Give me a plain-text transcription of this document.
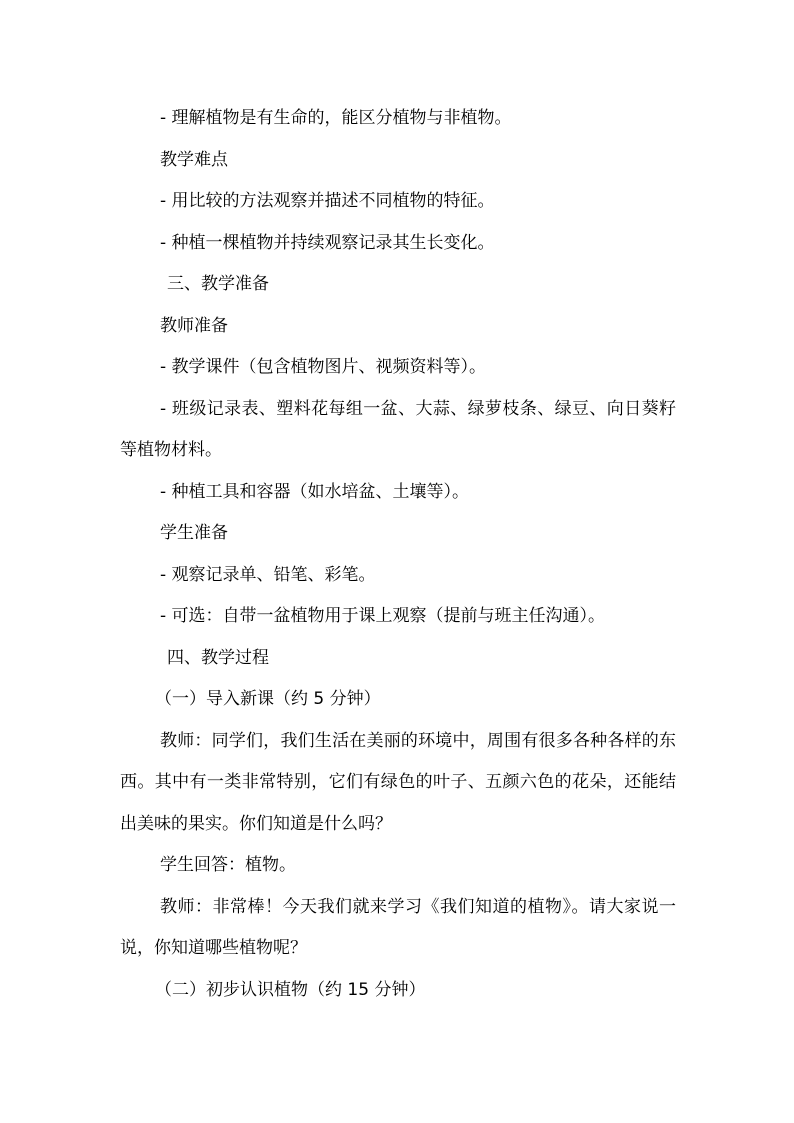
- 理解植物是有生命的，能区分植物与非植物。

教学难点

- 用比较的方法观察并描述不同植物的特征。

- 种植一棵植物并持续观察记录其生长变化。

三、教学准备

教师准备

- 教学课件（包含植物图片、视频资料等）。

- 班级记录表、塑料花每组一盆、大蒜、绿萝枝条、绿豆、向日葵籽等植物材料。

- 种植工具和容器（如水培盆、土壤等）。

学生准备

- 观察记录单、铅笔、彩笔。

- 可选：自带一盆植物用于课上观察（提前与班主任沟通）。

四、教学过程

（一）导入新课（约 5 分钟）

教师：同学们，我们生活在美丽的环境中，周围有很多各种各样的东西。其中有一类非常特别，它们有绿色的叶子、五颜六色的花朵，还能结出美味的果实。你们知道是什么吗？

学生回答：植物。

教师：非常棒！今天我们就来学习《我们知道的植物》。请大家说一说，你知道哪些植物呢？

（二）初步认识植物（约 15 分钟）
